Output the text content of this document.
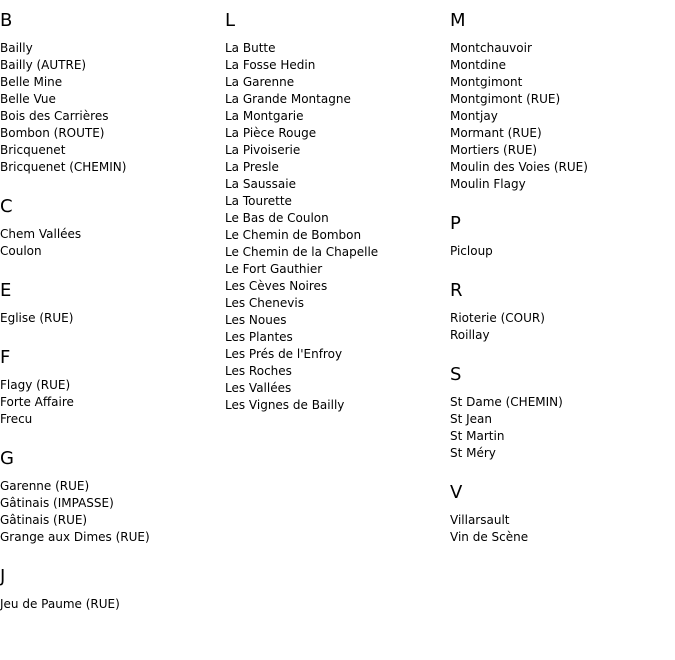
B
Bailly
Bailly (AUTRE)
Belle Mine
Belle Vue
Bois des Carrières
Bombon (ROUTE)
Bricquenet
Bricquenet (CHEMIN)
C
Chem Vallées
Coulon
E
Eglise (RUE)
F
Flagy (RUE)
Forte Affaire
Frecu
G
Garenne (RUE)
Gâtinais (IMPASSE)
Gâtinais (RUE)
Grange aux Dimes (RUE)
J
Jeu de Paume (RUE)
L
La Butte
La Fosse Hedin
La Garenne
La Grande Montagne
La Montgarie
La Pièce Rouge
La Pivoiserie
La Presle
La Saussaie
La Tourette
Le Bas de Coulon
Le Chemin de Bombon
Le Chemin de la Chapelle
Le Fort Gauthier
Les Cèves Noires
Les Chenevis
Les Noues
Les Plantes
Les Prés de l'Enfroy
Les Roches
Les Vallées
Les Vignes de Bailly
M
Montchauvoir
Montdine
Montgimont
Montgimont (RUE)
Montjay
Mormant (RUE)
Mortiers (RUE)
Moulin des Voies (RUE)
Moulin Flagy
P
Picloup
R
Rioterie (COUR)
Roillay
S
St Dame (CHEMIN)
St Jean
St Martin
St Méry
V
Villarsault
Vin de Scène
